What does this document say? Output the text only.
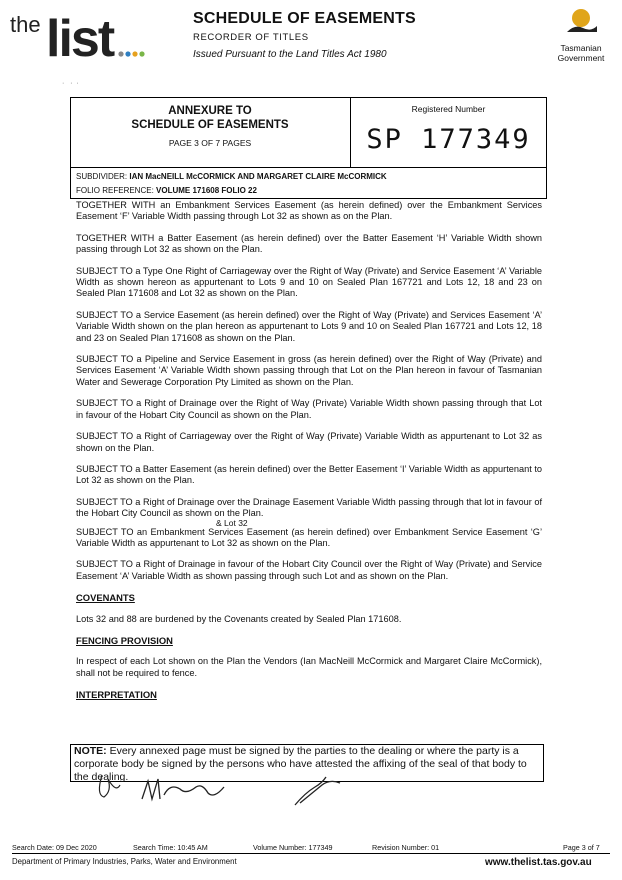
the list	SCHEDULE OF EASEMENTS
RECORDER OF TITLES
Issued Pursuant to the Land Titles Act 1980
Tasmanian
Government
·   ·  ·
ANNEXURE TO
SCHEDULE OF EASEMENTS
PAGE 3 OF 7 PAGES
Registered Number
SP 177349
SUBDIVIDER: IAN MacNEILL McCORMICK AND MARGARET CLAIRE McCORMICK
FOLIO REFERENCE: VOLUME 171608 FOLIO 22

TOGETHER WITH an Embankment Services Easement (as herein defined) over the Embankment Services Easement ‘F’ Variable Width passing through Lot 32 as shown as on the Plan.

TOGETHER WITH a Batter Easement (as herein defined) over the Batter Easement ‘H’ Variable Width shown passing through Lot 32 as shown on the Plan.

SUBJECT TO a Type One Right of Carriageway over the Right of Way (Private) and Service Easement ‘A’ Variable Width as shown hereon as appurtenant to Lots 9 and 10 on Sealed Plan 167721 and Lots 12, 18 and 23 on Sealed Plan 171608 and Lot 32 as shown on the Plan.

SUBJECT TO a Service Easement (as herein defined) over the Right of Way (Private) and Services Easement ‘A’ Variable Width shown on the plan hereon as appurtenant to Lots 9 and 10 on Sealed Plan 167721 and Lots 12, 18 and 23 on Sealed Plan 171608 as shown on the Plan.

SUBJECT TO a Pipeline and Service Easement in gross (as herein defined) over the Right of Way (Private) and Services Easement ‘A’ Variable Width shown passing through that Lot on the Plan hereon in favour of Tasmanian Water and Sewerage Corporation Pty Limited as shown on the Plan.

SUBJECT TO a Right of Drainage over the Right of Way (Private) Variable Width shown passing through that Lot in favour of the Hobart City Council as shown on the Plan.

SUBJECT TO a Right of Carriageway over the Right of Way (Private) Variable Width as appurtenant to Lot 32 as shown on the Plan.

SUBJECT TO a Batter Easement (as herein defined) over the Better Easement ‘I’ Variable Width as appurtenant to Lot 32 as shown on the Plan.

SUBJECT TO a Right of Drainage over the Drainage Easement Variable Width passing through that lot in favour of the Hobart City Council as shown on the Plan.

& Lot 32

SUBJECT TO an Embankment Services Easement (as herein defined) over Embankment Service Easement ‘G’ Variable Width as appurtenant to Lot 32 as shown on the Plan.

SUBJECT TO a Right of Drainage in favour of the Hobart City Council over the Right of Way (Private) and Service Easement ‘A’ Variable Width as shown passing through such Lot and as shown on the Plan.

COVENANTS

Lots 32 and 88 are burdened by the Covenants created by Sealed Plan 171608.

FENCING PROVISION

In respect of each Lot shown on the Plan the Vendors (Ian MacNeill McCormick and Margaret Claire McCormick), shall not be required to fence.

INTERPRETATION
NOTE: Every annexed page must be signed by the parties to the dealing or where the party is a corporate body be signed by the persons who have attested the affixing of the seal of that body to the dealing.
Search Date: 09 Dec 2020	Search Time: 10:45 AM	Volume Number: 177349	Revision Number: 01	Page 3 of 7
Department of Primary Industries, Parks, Water and Environment	www.thelist.tas.gov.au
